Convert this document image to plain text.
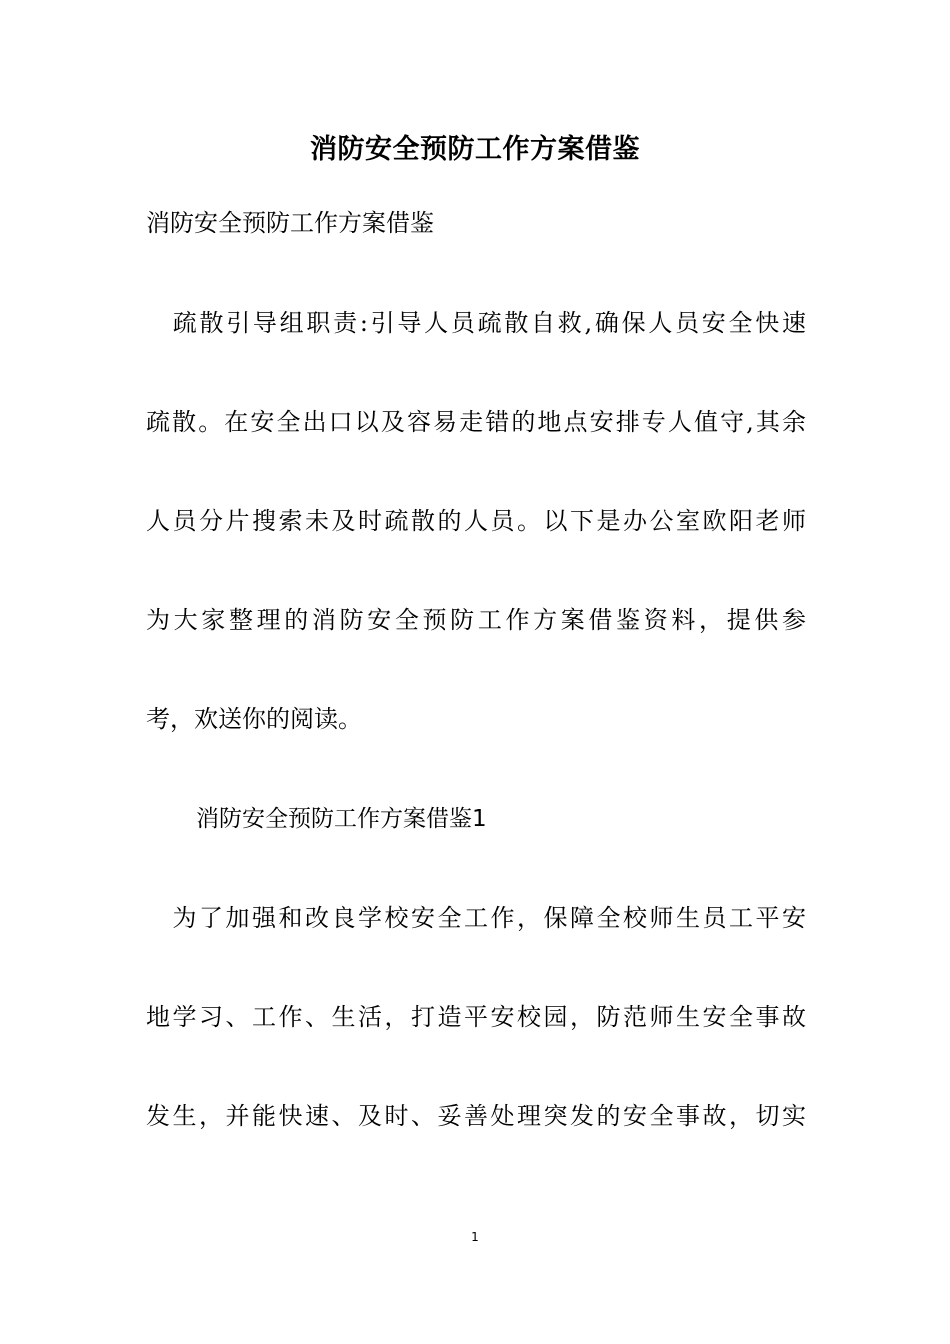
消防安全预防工作方案借鉴
消防安全预防工作方案借鉴
　疏散引导组职责:引导人员疏散自救,确保人员安全快速
疏散。在安全出口以及容易走错的地点安排专人值守,其余
人员分片搜索未及时疏散的人员。以下是办公室欧阳老师
为大家整理的消防安全预防工作方案借鉴资料，提供参
考，欢送你的阅读。
消防安全预防工作方案借鉴1
　为了加强和改良学校安全工作，保障全校师生员工平安
地学习、工作、生活，打造平安校园，防范师生安全事故
发生，并能快速、及时、妥善处理突发的安全事故，切实
1
